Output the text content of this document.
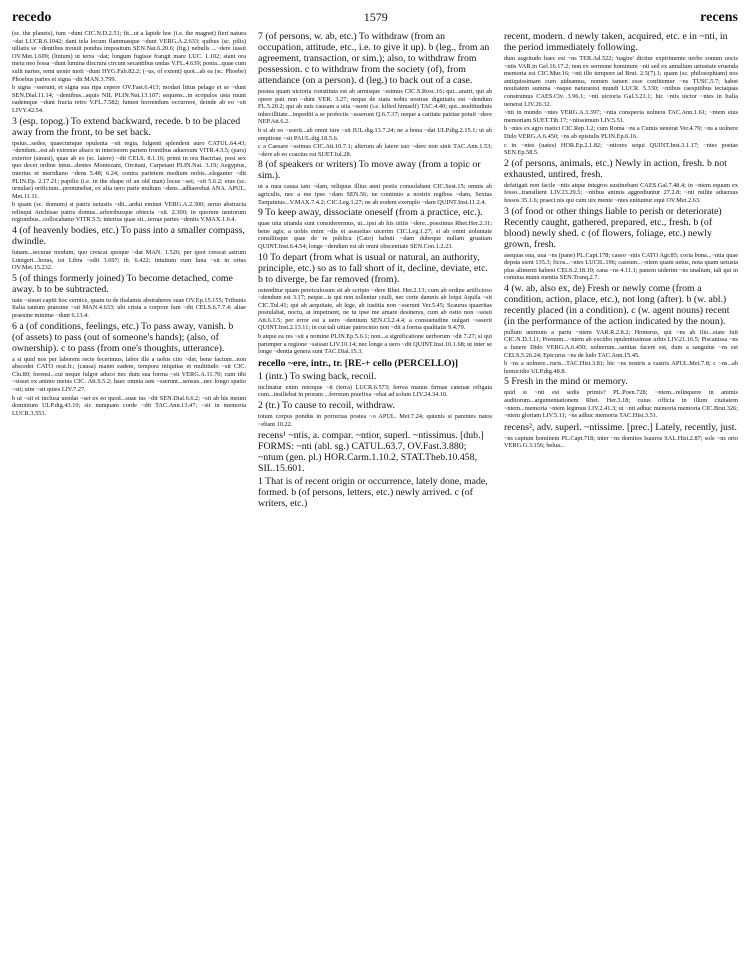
recedo	1579	recens

(sc. the planets), tum ~dunt CIC.N.D.2.51; fit...ut a lapide hoc (i.e. the magnet) fieri natura ~dat LUCR.6.1042; dant tela locum flammasque ~dunt VERG.A.2.633; quibus (sc. pilis) uiliatis se ~dentibus treuuit pondus impositum SEN.Nat.6.20.6; (fig.) nebulis ...~dere iussit OV.Met.1.609; (lintum) ut terra ~dat; longum fugisse frangit mare LUC. 1.102; stant ora metu neo fessa ~dunt lumina discrura circum secantibus undas V.FL.4.639; ponta...quae cum sulit nartes, remi uento moti ~dunt HYG.Fab.82.2; (~us, of extent) quot...ab ea (sc. Phoebe) Phoebus partes et signa ~dit MAN.3.799.

b signa ~sserunt, et signa sua ripa cepere OV.Fast.6.413; modari littus pelago et se ~dunt SEN.Dial.11.14; ~dentibus...aquis NIL PLIN.Nat.13.107; sequens...in scopulos usta ruunt eademque ~dunt fracta retro V.FL.7.582; fumen horrendum occurrere, deinde ab eo ~sit LIVY.42.54.

3 (esp. topog.) To extend backward, recede. b to be placed away from the front, to be set back.

ipsius...sedes, quaecumque opulenta ~sit regia, fulgenti splendent auro CATUL.64.43; ~dendum...est ab extremo abaco in interiorem partem frontibus aduersum VITR.4.3.5; (pars) exterior (sinusi), quae ab eo (sc. latere) ~dit CELS. 8.1.16; primi in ora Bactriae, post sex quo decet ordine intus...dentes Montezani, Orcitani, Carpetani PLIN.Nat. 3.19; Aegyptus, interius et meridiano ~dens 5.48; 6.24; contra parietem medium nobis...eleganter ~dit PLIN.Ep. 2.17.21; papilio (i.e. in the shape of an old man) locus ~set; ~sit 5.6.2; eius (sc. urnulae) orificium...prominebat, ex alia uero parte multum ~dens...adhaerebat ANA. APUL. Met.11.11.

b quam (sc. domum) si patris uetustis ~dit...ardui eminet VERG.A.2.300; seruo abstracta relinqui Anchisae patris domus...arboribusque obtecta ~sit. 2.300; in quorum uentorum regionibus...collocabatur VITR.5.5; interius quae sit...terrae partes ~dentis V.MAX.1.6.4.

4 (of heavenly bodies, etc.) To pass into a smaller compass, dwindle.

lunam...securae modum, quo crescat quoque ~dat MAN. 1.526; per quot crescat astrum Lunigeri...horas, tot Libra ~sdit 3.697; ib. 6.422; intuitum cum luna ~sit in ortus OV.Met.15.232.

5 (of things formerly joined) To become detached, come away. b to be subtracted.

nate ~sisset capiti hoc cernice, quam tu de thalamis abstraheres suae OV.Ep.15.155; Tribunis Italia tantum praesine ~sit MAN.4.633; ubi crista a corpore fam ~dit CELS.6.7.7.4; aliae praesine minime ~dunt 6.13.4.

6 a (of conditions, feelings, etc.) To pass away, vanish. b (of assets) to pass (out of someone's hands); (also, of ownership). c to pass (from one's thoughts, utterance).

a si quid nos per laborem recte fecerimus, labor ille a uobis cito ~det, bene factum...non abscedet CATO orat.fr.; (causa) manet eadem, tempora iniquitas et multitudo ~sit CIC. Clu.80; forensi...cui neque fulgor aduco nec dum sua forma ~sit VERG.A.11.70; cum tibi ~sisset ex animo metus CIC. Att.9.5.2; haec omnia iam ~sserunt...sensus...nec longo spatio ~sit; uim ~sit quies LIV.7.27.

b ut ~sit et inclusa uendat ~set ex eo quod...suae ius ~dit SEN.Dial.6.6.2; ~sit ab his meum dominium ULP.dig.43.10; sic nunquam corde ~dit TAC.Ann.13.47; ~sit in memoria LUCR.3.553.

7 (of persons, w. ab, etc.) To withdraw (from an occupation, attitude, etc., i.e. to give it up). b (leg., from an agreement, transaction, or sim.); also, to withdraw from possession. c to withdraw from the society (of), from attendance (on a person). d (leg.) to back out of a case.

postea quam uictoria constituta est ab armisque ~ssimus CIC.S.Rosc.16; qui...aratri, qui ab opere pati non ~dunt VER. 3.27; neque de statu nobis nostrae dignitatis est ~dendum FL.5.20.2; qui ab suis causam a uita ~ssent (i.e. killed himself) TAC.4.40; qui...multitudinis inbecillitate...impediti a se profectis ~ssserunt Q.6.7.37; neque a caritate patriae potuit ~dere NEP.Att.6.2.

b si ab eo ~sserit...ab omni iure ~sit IUL.dig.13.7.24; ne a bona ~dat ULP.dig.2.15.1; ut ab emptione ~sit PAUL.dig.18.5.6.

c a Caesare ~ssimus CIC.Att.10.7.1; alterum ab latere suo ~dere non sinit TAC.Ann.1.53; ~dere ab eo coactus est SUET.Iul.28.

8 (of speakers or writers) To move away (from a topic or sim.).

ut a mea causa iam ~dam, reliquus illius anni pestis conuolabant CIC.Sest.15; omnis ab agriculis, nec a me ipse ~dam SEN.56; ne continuo a nostris regibus ~dam, Sextus Tarquinius...V.MAX.7.4.2; CIC.Leg.1.27; ne ab eodem exemplo ~dam QUINT.Inst.11.2.4.

9 To keep away, dissociate oneself (from a practice, etc.).

quae uita uitanda sunt considerermus, ut...ipsi ab his uitiis ~dere...possimus Rhet.Her.2.31; bene agis; a uobis enim ~dis et assueitas uicerim CIC.Leg.1.27; si ab omni uoluntate consiliisque quae de re publica (Cato) habuit ~dam dubeque nullam gruatiam QUINT.Inst.6.4.54; longe ~dendum est ab omni obscenitate SEN.Con.1.2.23.

10 To depart (from what is usual or natural, an authority, principle, etc.) so as to fall short of it, decline, deviate, etc. b to diverge, be far removed (from).

ostenditur quam pereiculosum sit ab scripto ~dere Rhet. Her.2.13; cum ab ordine artificioso ~dendum est 3.17; neque...is qui non tollentur ciuili, nec certe damnis ab loqui Aquila ~sit CIC.Tul.41; qui ab aequitate, ab lege, ab iustitia non ~sserunt Ver.5.45; Scaurus quaeritas postulabat, noctu, at impetraret, ne tu ipse me amare desineres, cum ab ostio non ~ssisti Att.6.1.5; per error est a uero ~dentium SEN.Cl.2.4.4; a consuetudine uulgari ~ssserit QUINT.Inst.2.13.11; in cui tali uitiae patrocinio non ~dit a forma qualitatis 9.4.79.

b atque ea res ~sit a nomine PLIN.Ep.5.6.1; non...a significatione uerborum ~dit 7.27; si qui parumper a regione ~ssisset LIV.10.14; nec longe a uero ~dit QUINT.Inst.10.1.68; ut inter se longe ~dentia genera sunt TAC.Dial.15.3.

recello ~ere, intr., tr. [RE-+ cello (PERCELLO)]

1 (intr.) To swing back, recoil.

inclinatur enim retroque ~it (terra) LUCR.6.573; ferrea manus firmae catenae religata cum...insiliebat in proram ...ferreum praefixa ~ebat ad solum LIV.24.34.10.

2 (tr.) To cause to recoil, withdraw.

totum corpus pondus in porrectas postea ~o APUL. Met.7.24; quienis si parentes natos ~ebant 10.22.

recens¹ ~ntis, a. compar. ~ntior, superl. ~ntissimus. [dub.] FORMS: ~nti (abl. sg.) CATUL.63.7, OV.Fast.3.880; ~ntum (gen. pl.) HOR.Carm.1.10.2, STAT.Theb.10.458, SIL.15.601.

1 That is of recent origin or occurrence, lately done, made, formed. b (of persons, letters, etc.) newly arrived. c (of writers, etc.)

recent, modern. d newly taken, acquired, etc. e in ~nti, in the period immediately following.

dum asgritudo haec est ~ns TER.Ad.522; 'nagire' dicitur expirimente uerbo sonum uocis ~ntis VAR.in Gel.16.17.2; non ex sermone hominum ~nti sed ex annalium uetustate eruenda memoria est CIC.Mur.16; ~nti illo tempore ad Brut. 2.5(7).1; quam (sc. philosophiam) nos antiquissimam cum uideamus, nomen tamen esse confitemur ~ns TUSC.5.7; habet nouitatem summa ~nsque naturarest mundi LUCR. 5.330; ~ntibus caespitibus tectaquas construmus CAES.Civ. 3.96.1; ~nti uictoria Gal.3.21.1; hic ~ntis uictor ~ntes in Italia uenerat LIV.26.32.

~nti in mundo ~ntes VERG.A.3.397; ~ntia conspecta uolnera TAC.Ann.1.61; ~ntem eius memoriam SUET.Tib.17; ~ntissimum LIV.5.51.

b ~ntes ex agro rustici CIC.Rep.1.2; cum Roma ~ns a Cumis uenerat Ver.4.79; ~ns a uolnere Dido VERG.A.6.450; ~ns ab epistulis PLIN.Ep.6.16.

c in ~ntes (uates) HOR.Ep.2.1.82; ~ntiores sequi QUINT.Inst.3.1.17; ~ntes poetae SEN.Ep.58.5.

2 (of persons, animals, etc.) Newly in action, fresh. b not exhausted, untired, fresh.

defatigati non facile ~ntis atque integros sustinebant CAES.Gal.7.48.4; in ~ntem equum ex fesso...transilient LIV.23.29.5; ~ntibus animis aggrediuntur 27.2.8; ~nti milite aduersus fessos 35.1.6; praeci nis qui cum uix mente ~ntes enituntur equi OV.Met.2.63.

3 (of food or other things liable to perish or deteriorate) Recently caught, gathered, prepared, etc., fresh. b (of blood) newly shed. c (of flowers, foliage, etc.) newly grown, fresh.

asequas ena, uua ~ns (pane) PL.Capt.178; caseo ~ntis CATO Agr.85; coria bona...~ntia quae depsta sient 135.3; ficos...~ntes LUCIL.196; caseum...~ntem quam uetus, nota quam uetusta plus alimenti habent CELS.2.18.10; cana ~ns 4.11.1; panem uiderint ~ns unalium, tali qui in conuiua manu mentia SEN.Tranq.2.7.

4 (w. ab, also ex, de) Fresh or newly come (from a condition, action, place, etc.), not long (after). b (w. abl.) recently placed (in a condition). c (w. agent nouns) recent (in the performance of the action indicated by the noun).

pullum animum a partu ~ntem VAR.R.2.8.2; Homerus, qui ~ns ab ilio...etate fuit CIC.N.D.3.11; Poenum...~ntem ab excidio opulentissimae urbis LIV.21.16.5; Piscanissa ~ns a funere Dido VERG.A.6.450; uolnerum...sanitas facere est, dum a sanguine ~ns est CELS.5.26.24; Epicurus ~ns de ludo TAC.Ann.15.45.

b ~ns a uolnere...ruris...TAC.Hist.3.81; hic ~ns nostris a castris APUL.Met.7.8; c ~ns...ab homicidio ULP.dig.48.8.

5 Fresh in the mind or memory.

quid si ~nti est sedis primis? PL.Poen.728; ~ntem...relinquere in animis auditorum...argumentationem Rhet. Her.3.18; cuius officia in illum ciuitatem ~ntem...memoria ~ntem legimus LIV.2.41.3; ut ~nti adhuc memoria memoria CIC.Brut.326; ~ntem gloriam LIV.5.11; ~ns adhuc memoria TAC.Hist.3.51.

recens², adv. superl. ~ntissime. [prec.] Lately, recently, just.

~ns captum hominem PL.Capt.718; inter ~ns domitos Isauros SAL.Hist.2.87; sole ~ns orto VERG.G.3.156; belua...
